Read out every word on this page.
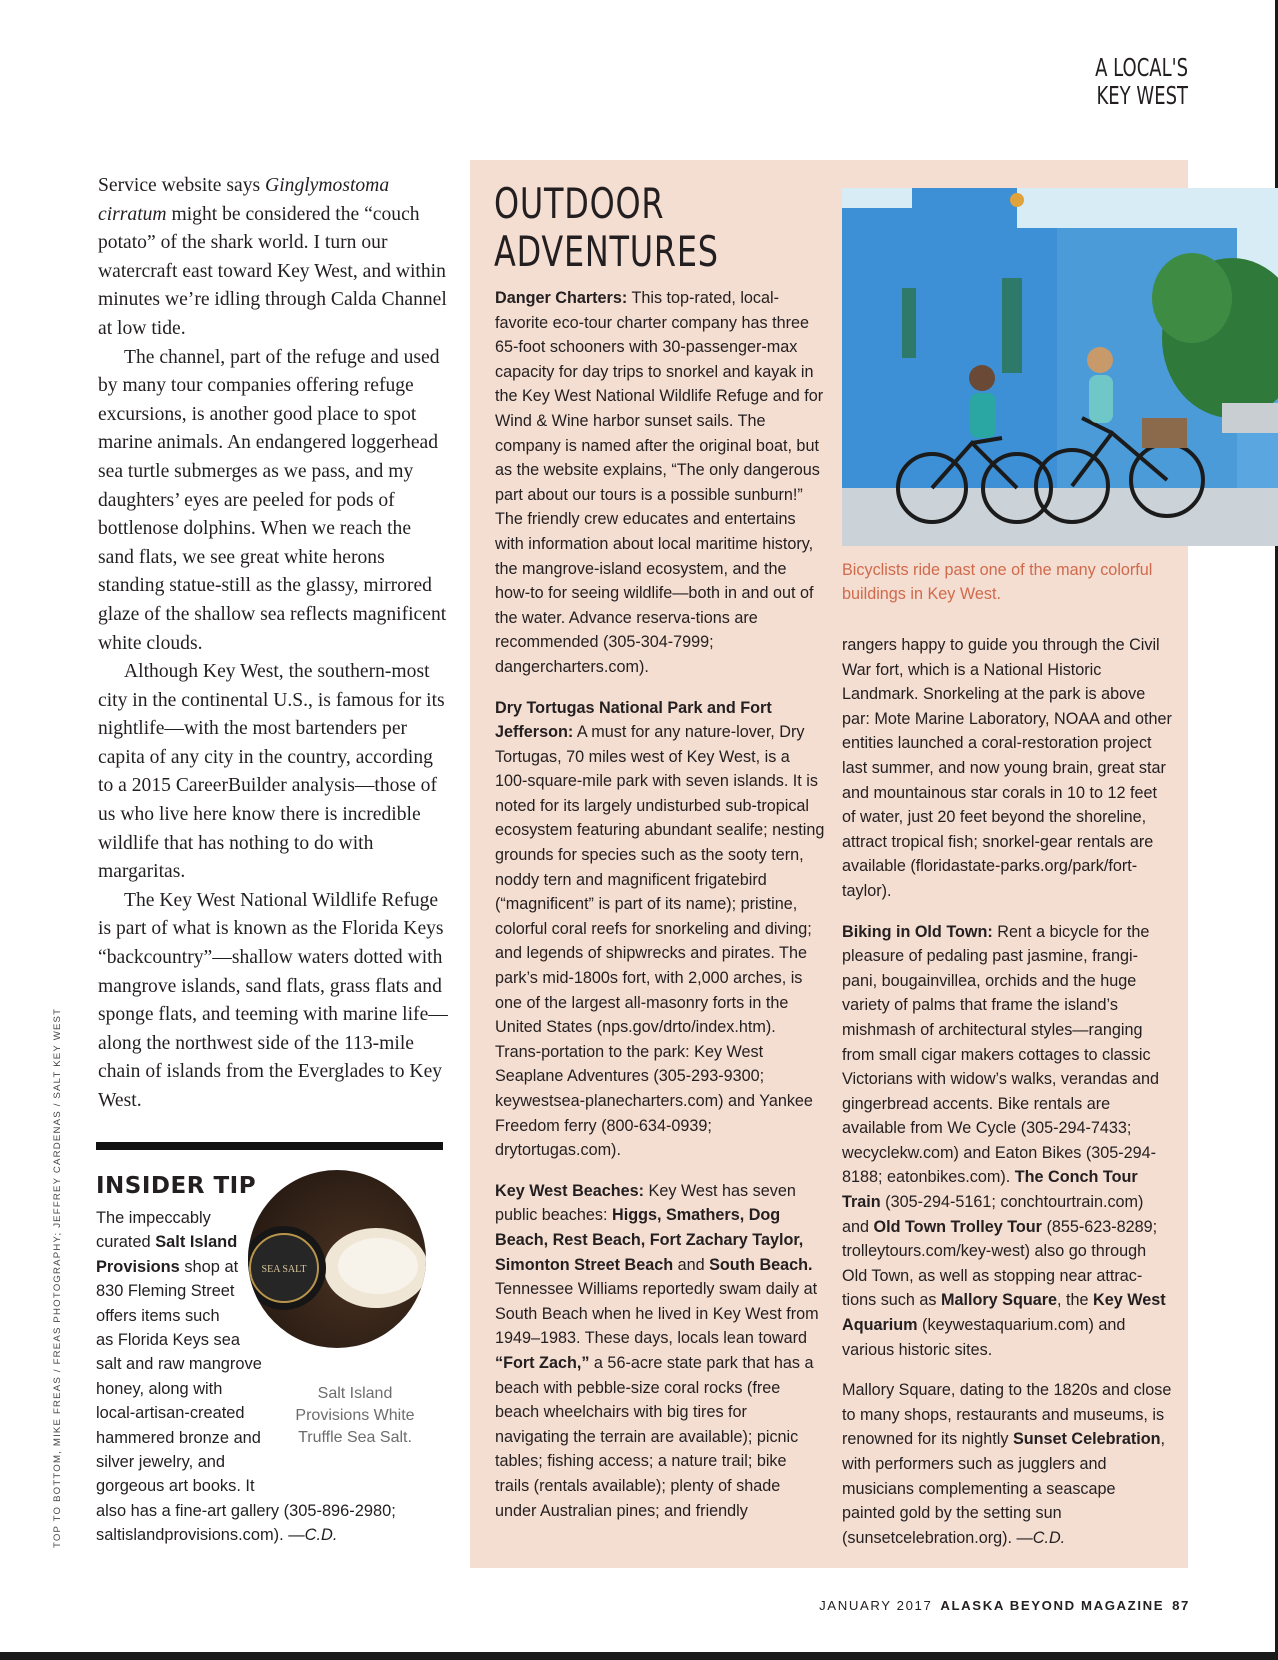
A LOCAL'S
KEY WEST

Service website says Ginglymostoma cirratum might be considered the “couch potato” of the shark world. I turn our watercraft east toward Key West, and within minutes we’re idling through Calda Channel at low tide.

The channel, part of the refuge and used by many tour companies offering refuge excursions, is another good place to spot marine animals. An endangered loggerhead sea turtle submerges as we pass, and my daughters’ eyes are peeled for pods of bottlenose dolphins. When we reach the sand flats, we see great white herons standing statue-still as the glassy, mirrored glaze of the shallow sea reflects magnificent white clouds.

Although Key West, the southern-most city in the continental U.S., is famous for its nightlife—with the most bartenders per capita of any city in the country, according to a 2015 CareerBuilder analysis—those of us who live here know there is incredible wildlife that has nothing to do with margaritas.

The Key West National Wildlife Refuge is part of what is known as the Florida Keys “backcountry”—shallow waters dotted with mangrove islands, sand flats, grass flats and sponge flats, and teeming with marine life—along the northwest side of the 113-mile chain of islands from the Everglades to Key West.

TOP TO BOTTOM, MIKE FREAS / FREAS PHOTOGRAPHY; JEFFREY CARDENAS / SALT KEY WEST INSIDER TIP
The impeccably
curated Salt Island
Provisions shop at
830 Fleming Street
offers items such
as Florida Keys sea
salt and raw mangrove
honey, along with
local-artisan-created
hammered bronze and
silver jewelry, and
gorgeous art books. It
also has a fine-art gallery (305-896-2980; saltislandprovisions.com). —C.D.
SEA SALT
Salt Island Provisions White Truffle Sea Salt.
OUTDOOR
ADVENTURES

Danger Charters: This top-rated, local-favorite eco-tour charter company has three 65-foot schooners with 30-passenger-max capacity for day trips to snorkel and kayak in the Key West National Wildlife Refuge and for Wind & Wine harbor sunset sails. The company is named after the original boat, but as the website explains, “The only dangerous part about our tours is a possible sunburn!” The friendly crew educates and entertains with information about local maritime history, the mangrove-island ecosystem, and the how-to for seeing wildlife—both in and out of the water. Advance reserva-tions are recommended (305-304-7999; dangercharters.com).

Dry Tortugas National Park and Fort Jefferson: A must for any nature-lover, Dry Tortugas, 70 miles west of Key West, is a 100-square-mile park with seven islands. It is noted for its largely undisturbed sub-tropical ecosystem featuring abundant sealife; nesting grounds for species such as the sooty tern, noddy tern and magnificent frigatebird (“magnificent” is part of its name); pristine, colorful coral reefs for snorkeling and diving; and legends of shipwrecks and pirates. The park’s mid-1800s fort, with 2,000 arches, is one of the largest all-masonry forts in the United States (nps.gov/drto/index.htm). Trans-portation to the park: Key West Seaplane Adventures (305-293-9300; keywestsea-planecharters.com) and Yankee Freedom ferry (800-634-0939; drytortugas.com).

Key West Beaches: Key West has seven public beaches: Higgs, Smathers, Dog Beach, Rest Beach, Fort Zachary Taylor, Simonton Street Beach and South Beach. Tennessee Williams reportedly swam daily at South Beach when he lived in Key West from 1949–1983. These days, locals lean toward “Fort Zach,” a 56-acre state park that has a beach with pebble-size coral rocks (free beach wheelchairs with big tires for navigating the terrain are available); picnic tables; fishing access; a nature trail; bike trails (rentals available); plenty of shade under Australian pines; and friendly

Bicyclists ride past one of the many colorful buildings in Key West.

rangers happy to guide you through the Civil War fort, which is a National Historic Landmark. Snorkeling at the park is above par: Mote Marine Laboratory, NOAA and other entities launched a coral-restoration project last summer, and now young brain, great star and mountainous star corals in 10 to 12 feet of water, just 20 feet beyond the shoreline, attract tropical fish; snorkel-gear rentals are available (floridastate-parks.org/park/fort-taylor).

Biking in Old Town: Rent a bicycle for the pleasure of pedaling past jasmine, frangi-pani, bougainvillea, orchids and the huge variety of palms that frame the island’s mishmash of architectural styles—ranging from small cigar makers cottages to classic Victorians with widow’s walks, verandas and gingerbread accents. Bike rentals are available from We Cycle (305-294-7433; wecyclekw.com) and Eaton Bikes (305-294-8188; eatonbikes.com). The Conch Tour Train (305-294-5161; conchtourtrain.com) and Old Town Trolley Tour (855-623-8289; trolleytours.com/key-west) also go through Old Town, as well as stopping near attrac-tions such as Mallory Square, the Key West Aquarium (keywestaquarium.com) and various historic sites.

Mallory Square, dating to the 1820s and close to many shops, restaurants and museums, is renowned for its nightly Sunset Celebration, with performers such as jugglers and musicians complementing a seascape painted gold by the setting sun (sunsetcelebration.org). —C.D.

JANUARY 2017 ALASKA BEYOND MAGAZINE 87
